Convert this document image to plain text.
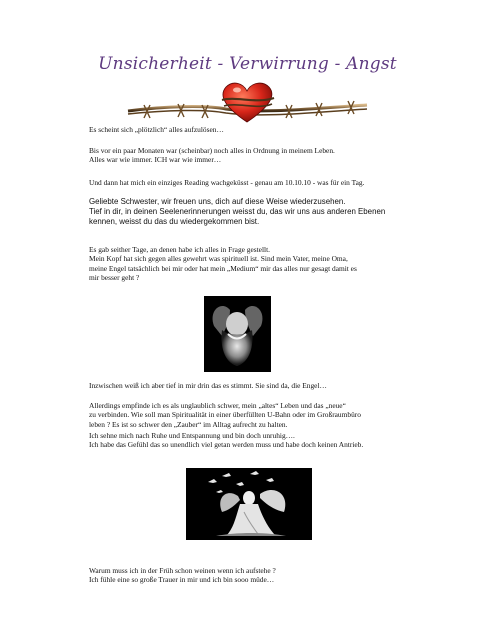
Unsicherheit - Verwirrung - Angst

Es scheint sich „plötzlich“ alles aufzulösen…

Bis vor ein paar Monaten war (scheinbar) noch alles in Ordnung in meinem Leben.
Alles war wie immer. ICH war wie immer…

Und dann hat mich ein einziges Reading wachgeküsst - genau am 10.10.10 - was für ein Tag.

Geliebte Schwester, wir freuen uns, dich auf diese Weise wiederzusehen.
Tief in dir, in deinen Seelenerinnerungen weisst du, das wir uns aus anderen Ebenen
kennen, weisst du das du wiedergekommen bist.

Es gab seither Tage, an denen habe ich alles in Frage gestellt.
Mein Kopf hat sich gegen alles gewehrt was spirituell ist. Sind mein Vater, meine Oma,
meine Engel tatsächlich bei mir oder hat mein „Medium“ mir das alles nur gesagt damit es
mir besser geht ?

Inzwischen weiß ich aber tief in mir drin das es stimmt. Sie sind da, die Engel…

Allerdings empfinde ich es als unglaublich schwer, mein „altes“ Leben und das „neue“
zu verbinden. Wie soll man Spiritualität in einer überfüllten U-Bahn oder im Großraumbüro
leben ? Es ist so schwer den „Zauber“ im Alltag aufrecht zu halten.

Ich sehne mich nach Ruhe und Entspannung und bin doch unruhig….
Ich habe das Gefühl das so unendlich viel getan werden muss und habe doch keinen Antrieb.

Warum muss ich in der Früh schon weinen wenn ich aufstehe ?
Ich fühle eine so große Trauer in mir und ich bin sooo müde…
